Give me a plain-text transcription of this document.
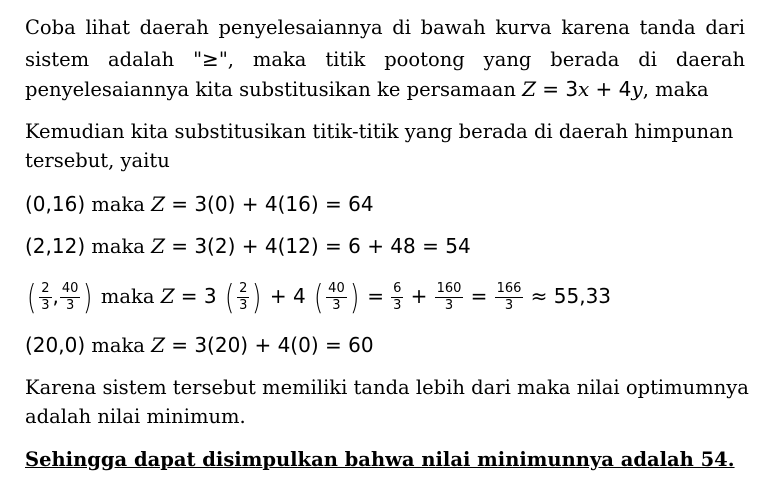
Coba lihat daerah penyelesaiannya di bawah kurva karena tanda dari
sistem adalah "≥", maka titik pootong yang berada di daerah
penyelesaiannya kita substitusikan ke persamaan Z = 3x + 4y, maka
Kemudian kita substitusikan titik-titik yang berada di daerah himpunan
tersebut, yaitu
(0,16) maka Z = 3(0) + 4(16) = 64
(2,12) maka Z = 3(2) + 4(12) = 6 + 48 = 54
( $\frac{2}{3}$ , $\frac{40}{3}$ ) maka Z = 3 ( $\frac{2}{3}$ ) + 4 ( $\frac{40}{3}$ ) = $\frac{6}{3} + \frac{160}{3} = \frac{166}{3} \approx 55,33$
(20,0) maka Z = 3(20) + 4(0) = 60
Karena sistem tersebut memiliki tanda lebih dari maka nilai optimumnya
adalah nilai minimum.
Sehingga dapat disimpulkan bahwa nilai minimunnya adalah 54.
